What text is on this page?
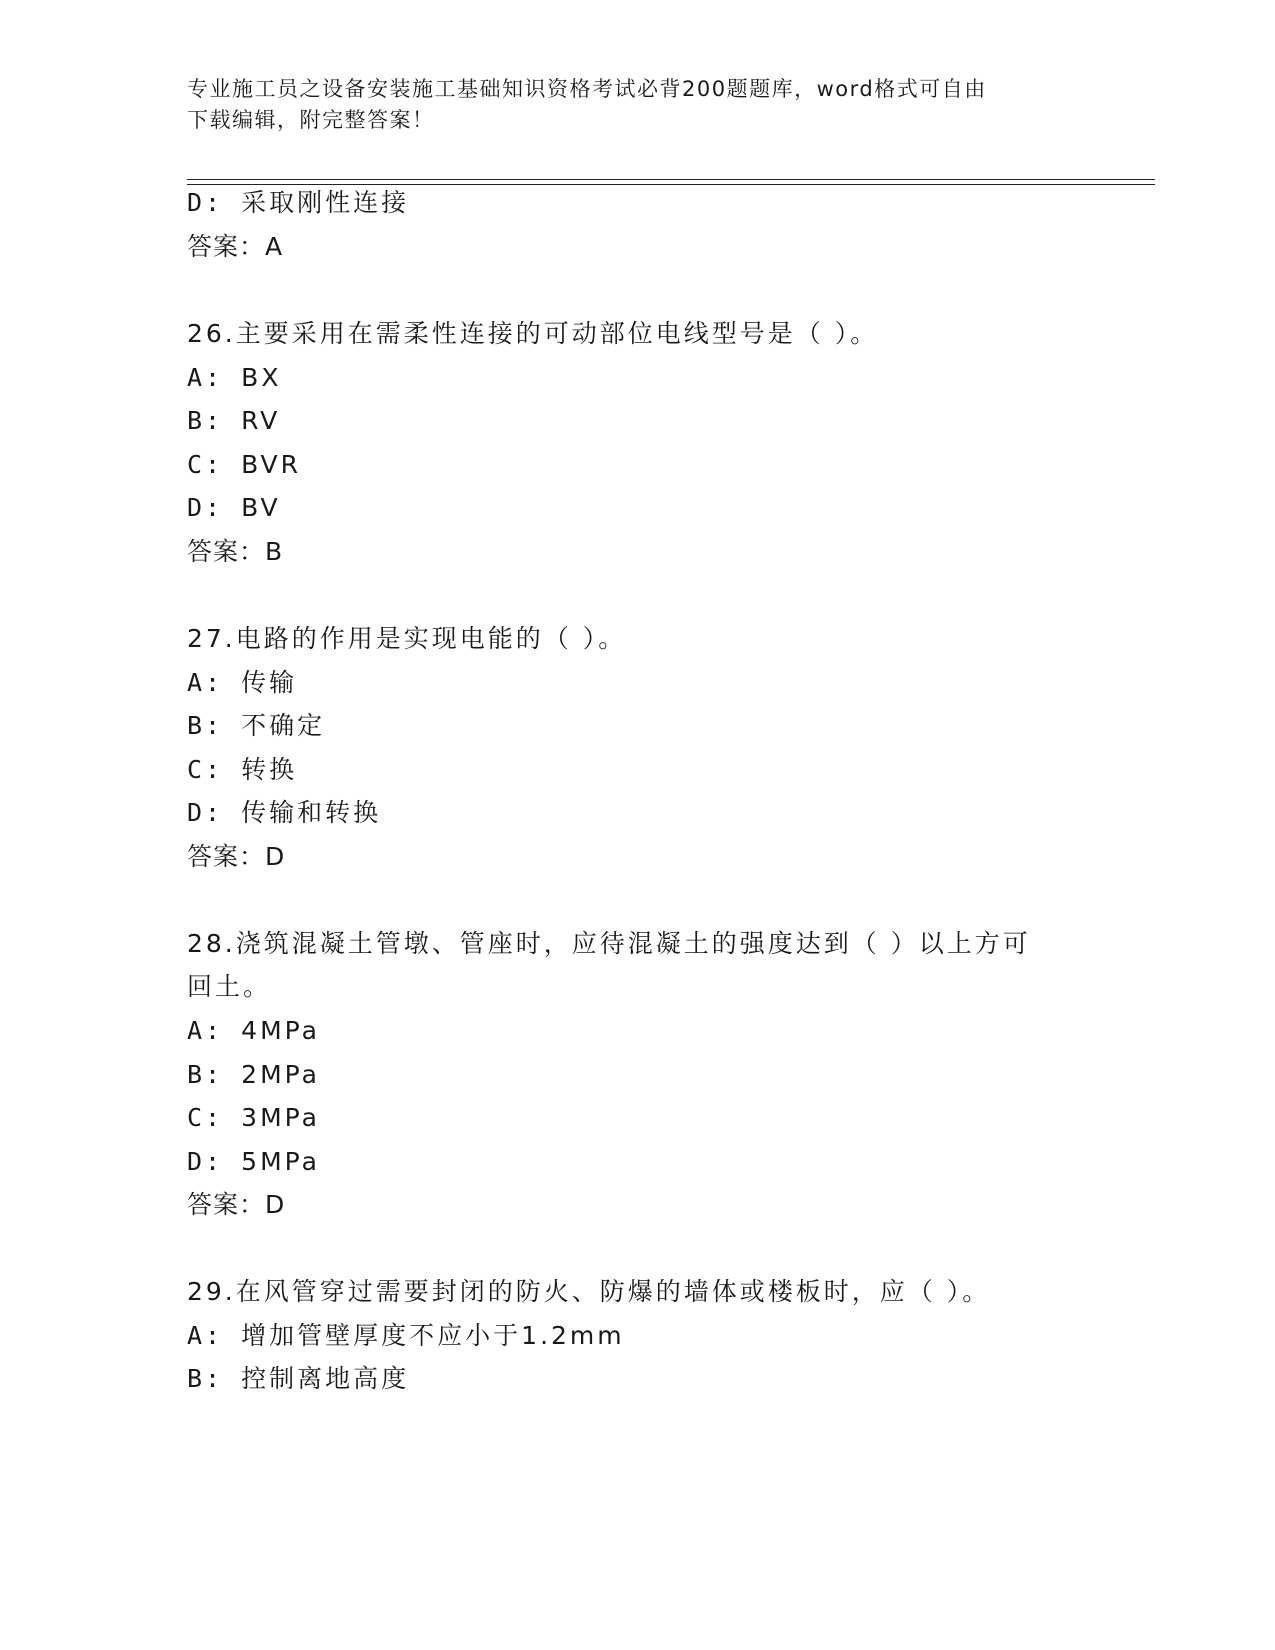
专业施工员之设备安装施工基础知识资格考试必背200题题库，word格式可自由
下载编辑，附完整答案！
D: 采取刚性连接
答案：A
26.主要采用在需柔性连接的可动部位电线型号是（ ）。
A: BX
B: RV
C: BVR
D: BV
答案：B
27.电路的作用是实现电能的（ ）。
A: 传输
B: 不确定
C: 转换
D: 传输和转换
答案：D
28.浇筑混凝土管墩、管座时，应待混凝土的强度达到（ ）以上方可
回土。
A: 4MPa
B: 2MPa
C: 3MPa
D: 5MPa
答案：D
29.在风管穿过需要封闭的防火、防爆的墙体或楼板时，应（ ）。
A: 增加管壁厚度不应小于1.2mm
B: 控制离地高度
